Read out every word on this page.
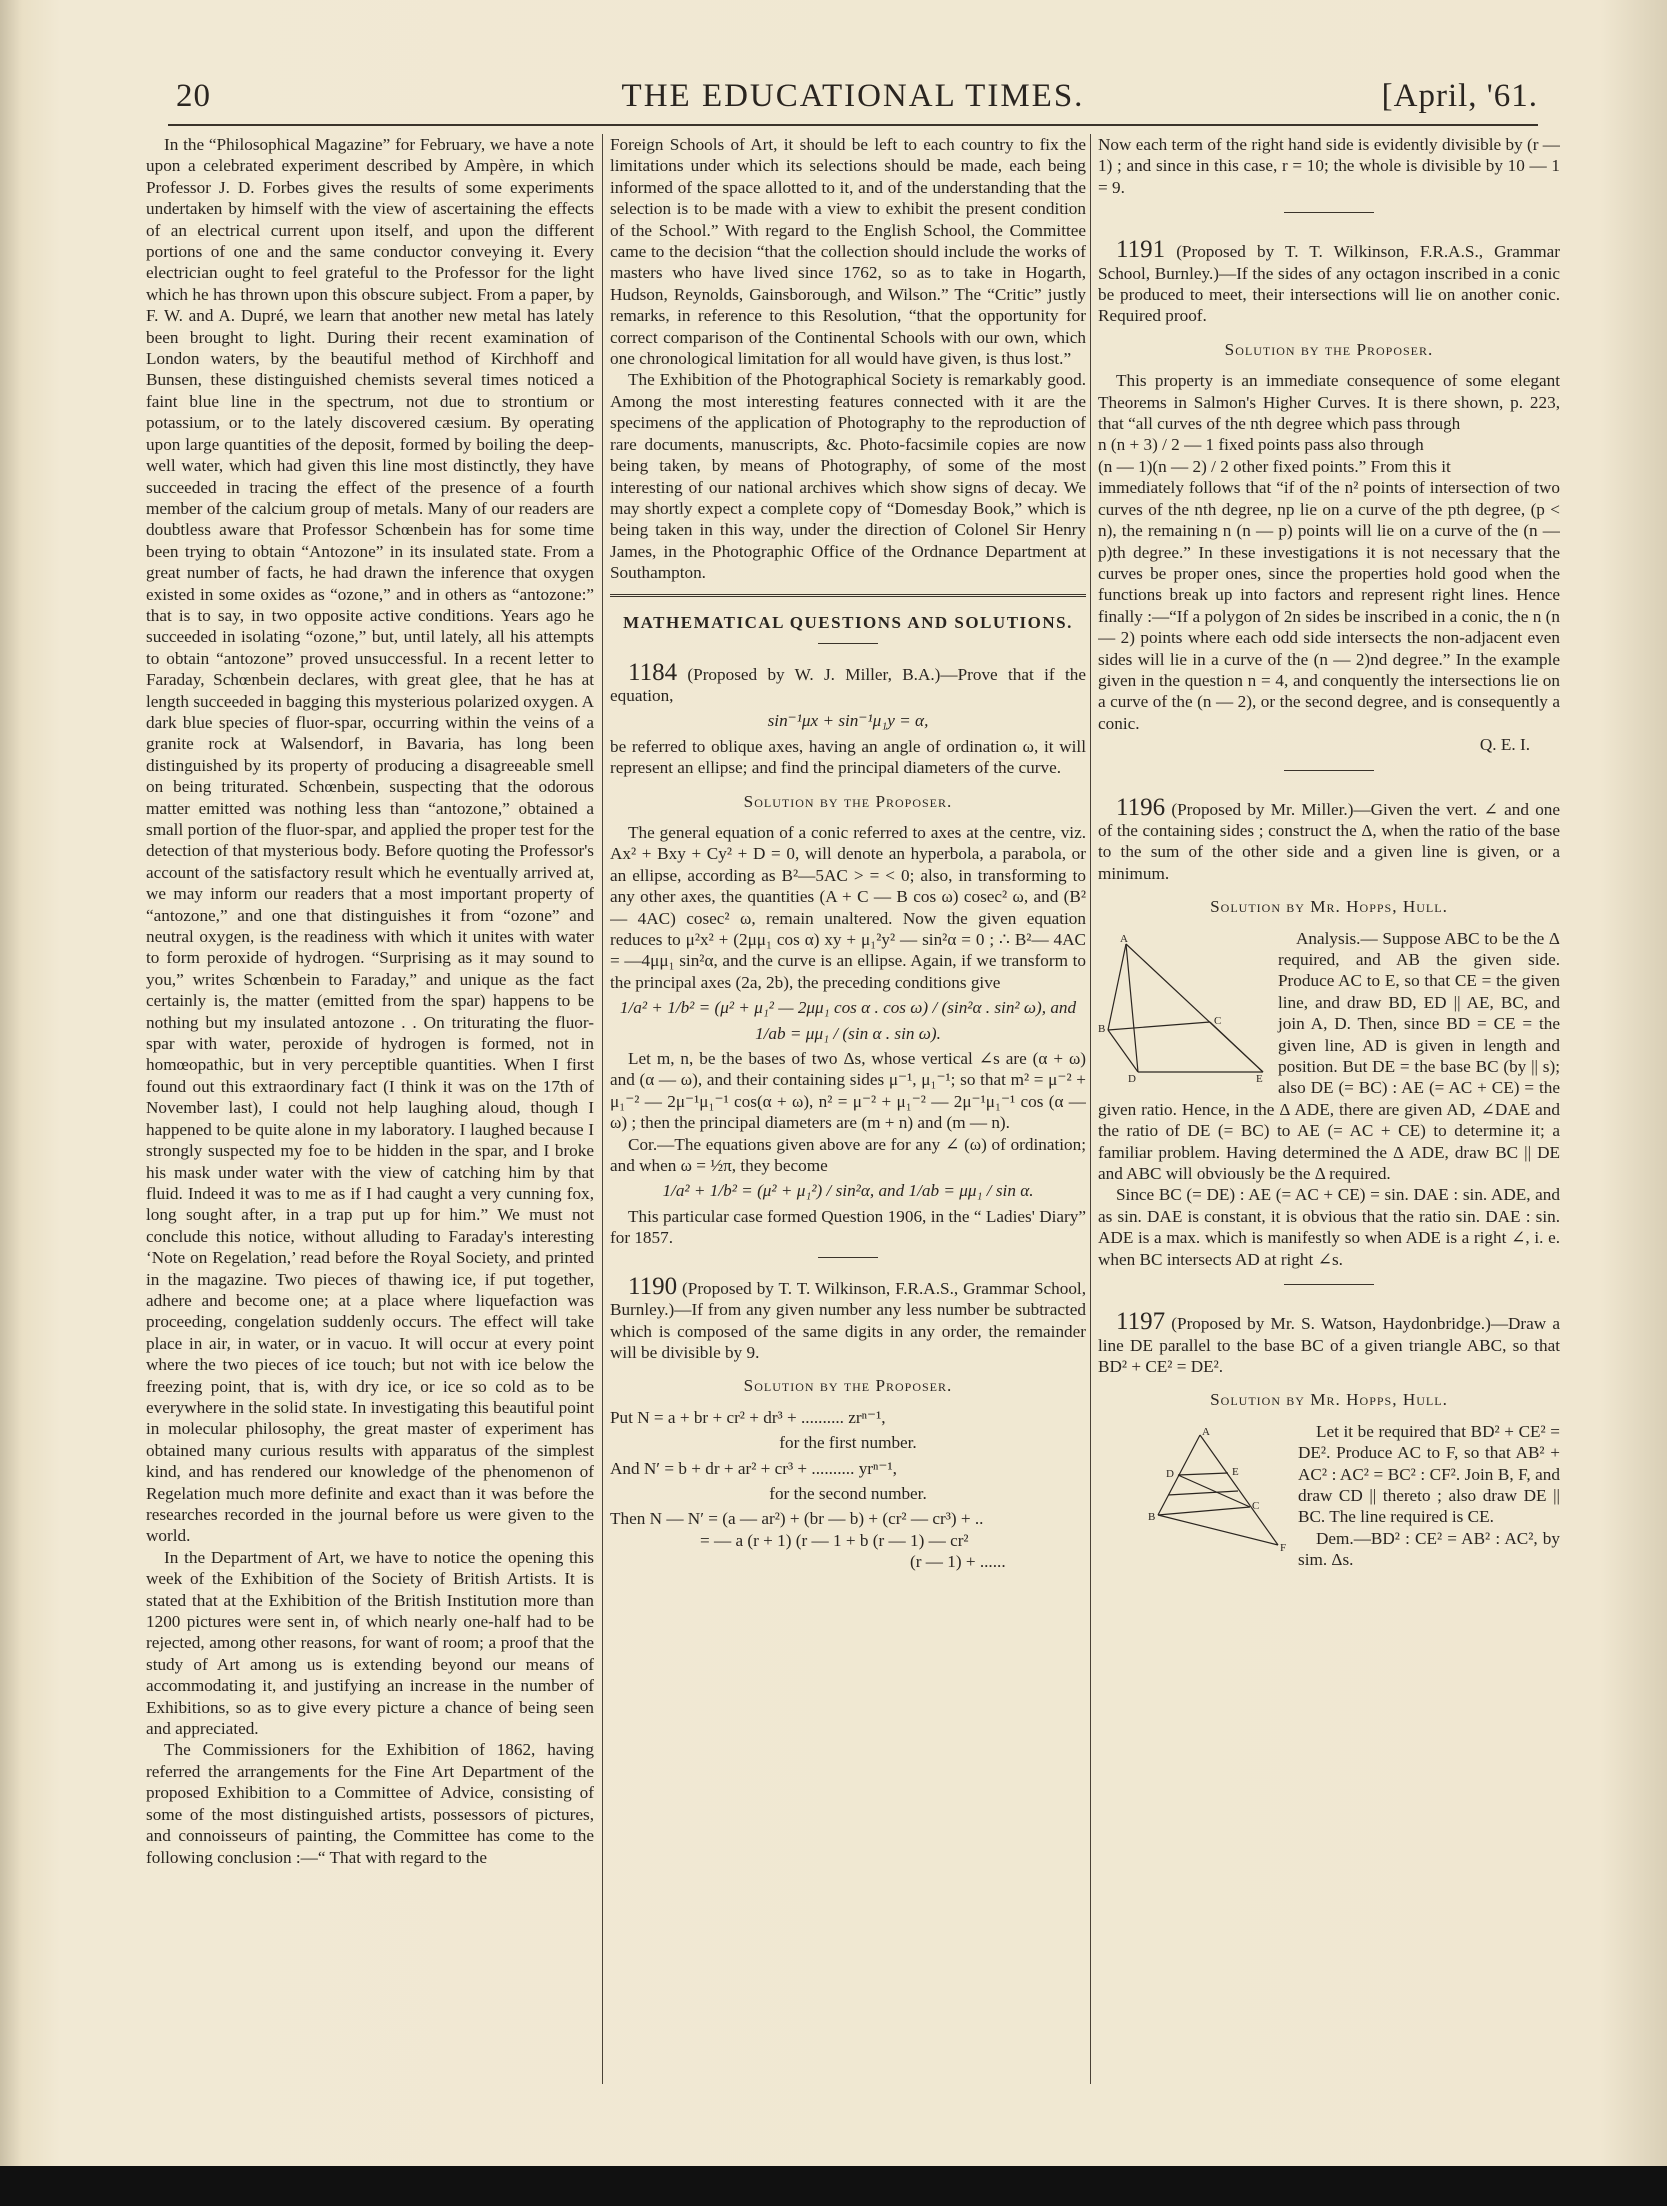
20	THE EDUCATIONAL TIMES.	[April, '61.

In the “Philosophical Magazine” for February, we have a note upon a celebrated experiment described by Ampère, in which Professor J. D. Forbes gives the results of some experiments undertaken by himself with the view of ascertaining the effects of an electrical current upon itself, and upon the different portions of one and the same conductor conveying it. Every electrician ought to feel grateful to the Professor for the light which he has thrown upon this obscure subject. From a paper, by F. W. and A. Dupré, we learn that another new metal has lately been brought to light. During their recent examination of London waters, by the beautiful method of Kirchhoff and Bunsen, these distinguished chemists several times noticed a faint blue line in the spectrum, not due to strontium or potassium, or to the lately discovered cæsium. By operating upon large quantities of the deposit, formed by boiling the deep-well water, which had given this line most distinctly, they have succeeded in tracing the effect of the presence of a fourth member of the calcium group of metals. Many of our readers are doubtless aware that Professor Schœnbein has for some time been trying to obtain “Antozone” in its insulated state. From a great number of facts, he had drawn the inference that oxygen existed in some oxides as “ozone,” and in others as “antozone:” that is to say, in two opposite active conditions. Years ago he succeeded in isolating “ozone,” but, until lately, all his attempts to obtain “antozone” proved unsuccessful. In a recent letter to Faraday, Schœnbein declares, with great glee, that he has at length succeeded in bagging this mysterious polarized oxygen. A dark blue species of fluor-spar, occurring within the veins of a granite rock at Walsendorf, in Bavaria, has long been distinguished by its property of producing a disagreeable smell on being triturated. Schœnbein, suspecting that the odorous matter emitted was nothing less than “antozone,” obtained a small portion of the fluor-spar, and applied the proper test for the detection of that mysterious body. Before quoting the Professor's account of the satisfactory result which he eventually arrived at, we may inform our readers that a most important property of “antozone,” and one that distinguishes it from “ozone” and neutral oxygen, is the readiness with which it unites with water to form peroxide of hydrogen. “Surprising as it may sound to you,” writes Schœnbein to Faraday,” and unique as the fact certainly is, the matter (emitted from the spar) happens to be nothing but my insulated antozone . . On triturating the fluor-spar with water, peroxide of hydrogen is formed, not in homœopathic, but in very perceptible quantities. When I first found out this extraordinary fact (I think it was on the 17th of November last), I could not help laughing aloud, though I happened to be quite alone in my laboratory. I laughed because I strongly suspected my foe to be hidden in the spar, and I broke his mask under water with the view of catching him by that fluid. Indeed it was to me as if I had caught a very cunning fox, long sought after, in a trap put up for him.” We must not conclude this notice, without alluding to Faraday's interesting ‘Note on Regelation,’ read before the Royal Society, and printed in the magazine. Two pieces of thawing ice, if put together, adhere and become one; at a place where liquefaction was proceeding, congelation suddenly occurs. The effect will take place in air, in water, or in vacuo. It will occur at every point where the two pieces of ice touch; but not with ice below the freezing point, that is, with dry ice, or ice so cold as to be everywhere in the solid state. In investigating this beautiful point in molecular philosophy, the great master of experiment has obtained many curious results with apparatus of the simplest kind, and has rendered our knowledge of the phenomenon of Regelation much more definite and exact than it was before the researches recorded in the journal before us were given to the world.

In the Department of Art, we have to notice the opening this week of the Exhibition of the Society of British Artists. It is stated that at the Exhibition of the British Institution more than 1200 pictures were sent in, of which nearly one-half had to be rejected, among other reasons, for want of room; a proof that the study of Art among us is extending beyond our means of accommodating it, and justifying an increase in the number of Exhibitions, so as to give every picture a chance of being seen and appreciated.

The Commissioners for the Exhibition of 1862, having referred the arrangements for the Fine Art Department of the proposed Exhibition to a Committee of Advice, consisting of some of the most distinguished artists, possessors of pictures, and connoisseurs of painting, the Committee has come to the following conclusion :—“ That with regard to the

Foreign Schools of Art, it should be left to each country to fix the limitations under which its selections should be made, each being informed of the space allotted to it, and of the understanding that the selection is to be made with a view to exhibit the present condition of the School.” With regard to the English School, the Committee came to the decision “that the collection should include the works of masters who have lived since 1762, so as to take in Hogarth, Hudson, Reynolds, Gainsborough, and Wilson.” The “Critic” justly remarks, in reference to this Resolution, “that the opportunity for correct comparison of the Continental Schools with our own, which one chronological limitation for all would have given, is thus lost.”

The Exhibition of the Photographical Society is remarkably good. Among the most interesting features connected with it are the specimens of the application of Photography to the reproduction of rare documents, manuscripts, &c. Photo-facsimile copies are now being taken, by means of Photography, of some of the most interesting of our national archives which show signs of decay. We may shortly expect a complete copy of “Domesday Book,” which is being taken in this way, under the direction of Colonel Sir Henry James, in the Photographic Office of the Ordnance Department at Southampton.

MATHEMATICAL QUESTIONS AND SOLUTIONS.

1184 (Proposed by W. J. Miller, B.A.)—Prove that if the equation,

sin⁻¹μx + sin⁻¹μ₁y = α,

be referred to oblique axes, having an angle of ordination ω, it will represent an ellipse; and find the principal diameters of the curve.

Solution by the Proposer.

The general equation of a conic referred to axes at the centre, viz. Ax² + Bxy + Cy² + D = 0, will denote an hyperbola, a parabola, or an ellipse, according as B²—5AC > = < 0; also, in transforming to any other axes, the quantities (A + C — B cos ω) cosec² ω, and (B² — 4AC) cosec² ω, remain unaltered. Now the given equation reduces to μ²x² + (2μμ₁ cos α) xy + μ₁²y² — sin²α = 0 ; ∴ B²— 4AC = —4μμ₁ sin²α, and the curve is an ellipse. Again, if we transform to the principal axes (2a, 2b), the preceding conditions give

1/a² + 1/b² = (μ² + μ₁² — 2μμ₁ cos α . cos ω) / (sin²α . sin² ω), and

1/ab = μμ₁ / (sin α . sin ω).

Let m, n, be the bases of two Δs, whose vertical ∠s are (α + ω) and (α — ω), and their containing sides μ⁻¹, μ₁⁻¹; so that m² = μ⁻² + μ₁⁻² — 2μ⁻¹μ₁⁻¹ cos(α + ω), n² = μ⁻² + μ₁⁻² — 2μ⁻¹μ₁⁻¹ cos (α — ω) ; then the principal diameters are (m + n) and (m — n).

Cor.—The equations given above are for any ∠ (ω) of ordination; and when ω = ½π, they become

1/a² + 1/b² = (μ² + μ₁²) / sin²α, and 1/ab = μμ₁ / sin α.

This particular case formed Question 1906, in the “ Ladies' Diary” for 1857.

1190 (Proposed by T. T. Wilkinson, F.R.A.S., Grammar School, Burnley.)—If from any given number any less number be subtracted which is composed of the same digits in any order, the remainder will be divisible by 9.

Solution by the Proposer.

Put N = a + br + cr² + dr³ + .......... zrⁿ⁻¹,

for the first number.

And N′ = b + dr + ar² + cr³ + .......... yrⁿ⁻¹,

for the second number.

Then N — N′ = (a — ar²) + (br — b) + (cr² — cr³) + ..

= — a (r + 1) (r — 1 + b (r — 1) — cr²

(r — 1) + ......

Now each term of the right hand side is evidently divisible by (r — 1) ; and since in this case, r = 10; the whole is divisible by 10 — 1 = 9.

1191 (Proposed by T. T. Wilkinson, F.R.A.S., Grammar School, Burnley.)—If the sides of any octagon inscribed in a conic be produced to meet, their intersections will lie on another conic. Required proof.

Solution by the Proposer.

This property is an immediate consequence of some elegant Theorems in Salmon's Higher Curves. It is there shown, p. 223, that “all curves of the nth degree which pass through

n (n + 3) / 2 — 1 fixed points pass also through

(n — 1)(n — 2) / 2 other fixed points.” From this it

immediately follows that “if of the n² points of intersection of two curves of the nth degree, np lie on a curve of the pth degree, (p < n), the remaining n (n — p) points will lie on a curve of the (n — p)th degree.” In these investigations it is not necessary that the curves be proper ones, since the properties hold good when the functions break up into factors and represent right lines. Hence finally :—“If a polygon of 2n sides be inscribed in a conic, the n (n — 2) points where each odd side intersects the non-adjacent even sides will lie in a curve of the (n — 2)nd degree.” In the example given in the question n = 4, and conquently the intersections lie on a curve of the (n — 2), or the second degree, and is consequently a conic.

Q. E. I.

1196 (Proposed by Mr. Miller.)—Given the vert. ∠ and one of the containing sides ; construct the Δ, when the ratio of the base to the sum of the other side and a given line is given, or a minimum.

Solution by Mr. Hopps, Hull.

A
B
C
D	E

Analysis.— Suppose ABC to be the Δ required, and AB the given side. Produce AC to E, so that CE = the given line, and draw BD, ED || AE, BC, and join A, D. Then, since BD = CE = the given line, AD is given in length and position. But DE = the base BC (by || s); also DE (= BC) : AE (= AC + CE) = the given ratio. Hence, in the Δ ADE, there are given AD, ∠DAE and the ratio of DE (= BC) to AE (= AC + CE) to determine it; a familiar problem. Having determined the Δ ADE, draw BC || DE and ABC will obviously be the Δ required.

Since BC (= DE) : AE (= AC + CE) = sin. DAE : sin. ADE, and as sin. DAE is constant, it is obvious that the ratio sin. DAE : sin. ADE is a max. which is manifestly so when ADE is a right ∠, i. e. when BC intersects AD at right ∠s.

1197 (Proposed by Mr. S. Watson, Haydonbridge.)—Draw a line DE parallel to the base BC of a given triangle ABC, so that BD² + CE² = DE².

Solution by Mr. Hopps, Hull.

A
D	E
B
C
F

Let it be required that BD² + CE² = DE². Produce AC to F, so that AB² + AC² : AC² = BC² : CF². Join B, F, and draw CD || thereto ; also draw DE || BC. The line required is CE.

Dem.—BD² : CE² = AB² : AC², by sim. Δs.
